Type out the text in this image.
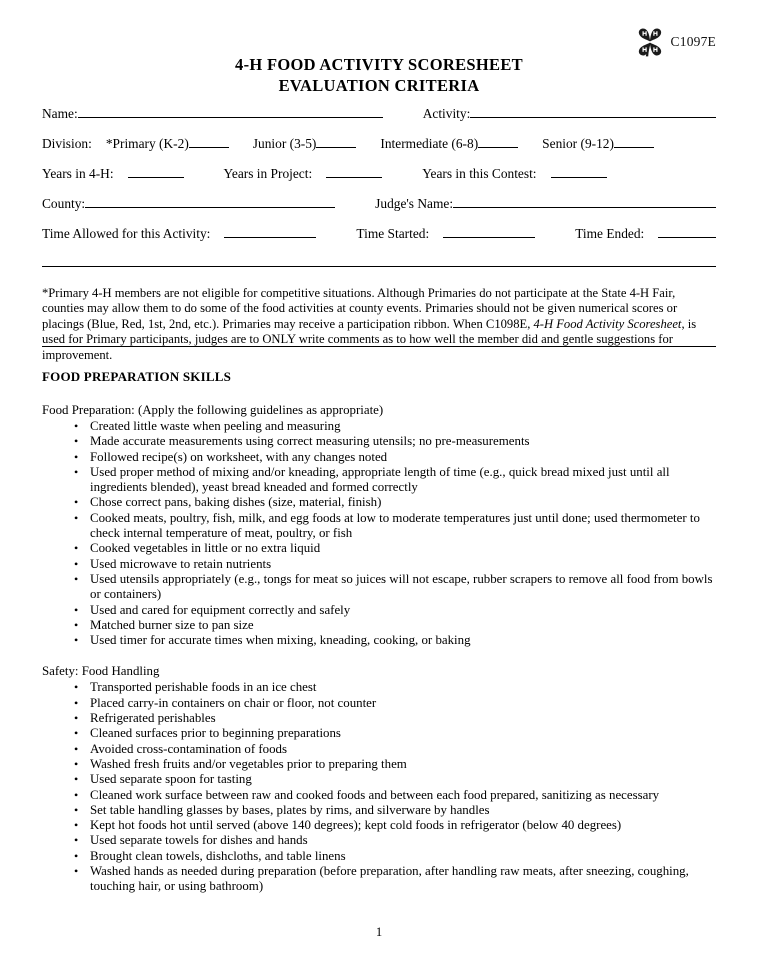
C1097E
4-H FOOD ACTIVITY SCORESHEET
EVALUATION CRITERIA
Name:	Activity:
Division: *Primary (K-2)	Junior (3-5)	Intermediate (6-8)	Senior (9-12)
Years in 4-H:	Years in Project:	Years in this Contest:
County:	Judge's Name:
Time Allowed for this Activity:	Time Started:	Time Ended:

*Primary 4-H members are not eligible for competitive situations. Although Primaries do not participate at the State 4-H Fair, counties may allow them to do some of the food activities at county events. Primaries should not be given numerical scores or placings (Blue, Red, 1st, 2nd, etc.). Primaries may receive a participation ribbon. When C1098E, 4-H Food Activity Scoresheet, is used for Primary participants, judges are to ONLY write comments as to how well the member did and gentle suggestions for improvement.

FOOD PREPARATION SKILLS
Food Preparation: (Apply the following guidelines as appropriate)
• Created little waste when peeling and measuring
• Made accurate measurements using correct measuring utensils; no pre-measurements
• Followed recipe(s) on worksheet, with any changes noted
• Used proper method of mixing and/or kneading, appropriate length of time (e.g., quick bread mixed just until all ingredients blended), yeast bread kneaded and formed correctly
• Chose correct pans, baking dishes (size, material, finish)
• Cooked meats, poultry, fish, milk, and egg foods at low to moderate temperatures just until done; used thermometer to check internal temperature of meat, poultry, or fish
• Cooked vegetables in little or no extra liquid
• Used microwave to retain nutrients
• Used utensils appropriately (e.g., tongs for meat so juices will not escape, rubber scrapers to remove all food from bowls or containers)
• Used and cared for equipment correctly and safely
• Matched burner size to pan size
• Used timer for accurate times when mixing, kneading, cooking, or baking
Safety: Food Handling
• Transported perishable foods in an ice chest
• Placed carry-in containers on chair or floor, not counter
• Refrigerated perishables
• Cleaned surfaces prior to beginning preparations
• Avoided cross-contamination of foods
• Washed fresh fruits and/or vegetables prior to preparing them
• Used separate spoon for tasting
• Cleaned work surface between raw and cooked foods and between each food prepared, sanitizing as necessary
• Set table handling glasses by bases, plates by rims, and silverware by handles
• Kept hot foods hot until served (above 140 degrees); kept cold foods in refrigerator (below 40 degrees)
• Used separate towels for dishes and hands
• Brought clean towels, dishcloths, and table linens
• Washed hands as needed during preparation (before preparation, after handling raw meats, after sneezing, coughing, touching hair, or using bathroom)
1
